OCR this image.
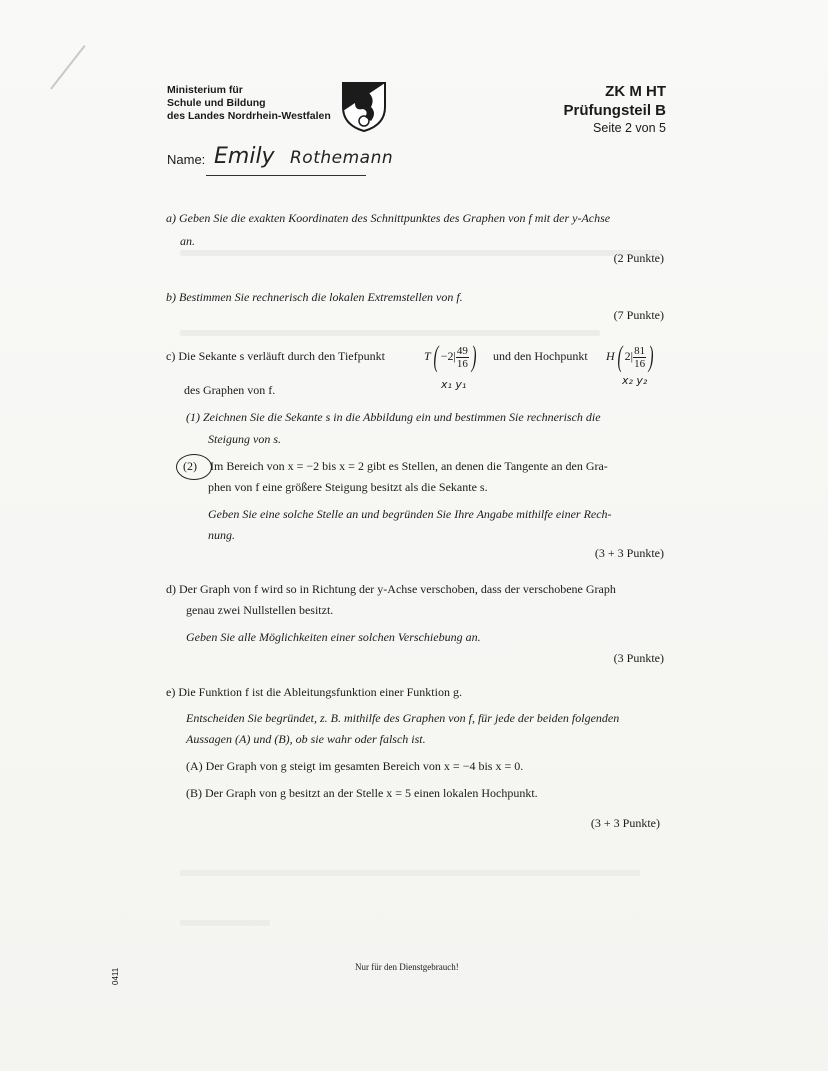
Ministerium für
Schule und Bildung
des Landes Nordrhein-Westfalen
ZK M HT
Prüfungsteil B
Seite 2 von 5
Name: Emily Rothemann
a) Geben Sie die exakten Koordinaten des Schnittpunktes des Graphen von f mit der y-Achse
an.
(2 Punkte)
b) Bestimmen Sie rechnerisch die lokalen Extremstellen von f.
(7 Punkte)
c) Die Sekante s verläuft durch den Tiefpunkt	$T( -2| \frac{49}{16}$ ) und den Hochpunkt H( $2| \frac{81}{16}$ )
x₁ y₁	x₂ y₂
des Graphen von f.
(1) Zeichnen Sie die Sekante s in die Abbildung ein und bestimmen Sie rechnerisch die
Steigung von s.
(2) Im Bereich von x = −2 bis x = 2 gibt es Stellen, an denen die Tangente an den Gra-
phen von f eine größere Steigung besitzt als die Sekante s.
Geben Sie eine solche Stelle an und begründen Sie Ihre Angabe mithilfe einer Rech-
nung.
(3 + 3 Punkte)
d) Der Graph von f wird so in Richtung der y-Achse verschoben, dass der verschobene Graph
genau zwei Nullstellen besitzt.
Geben Sie alle Möglichkeiten einer solchen Verschiebung an.
(3 Punkte)
e) Die Funktion f ist die Ableitungsfunktion einer Funktion g.
Entscheiden Sie begründet, z. B. mithilfe des Graphen von f, für jede der beiden folgenden
Aussagen (A) und (B), ob sie wahr oder falsch ist.
(A) Der Graph von g steigt im gesamten Bereich von x = −4 bis x = 0.
(B) Der Graph von g besitzt an der Stelle x = 5 einen lokalen Hochpunkt.
(3 + 3 Punkte)
Nur für den Dienstgebrauch!
0411
